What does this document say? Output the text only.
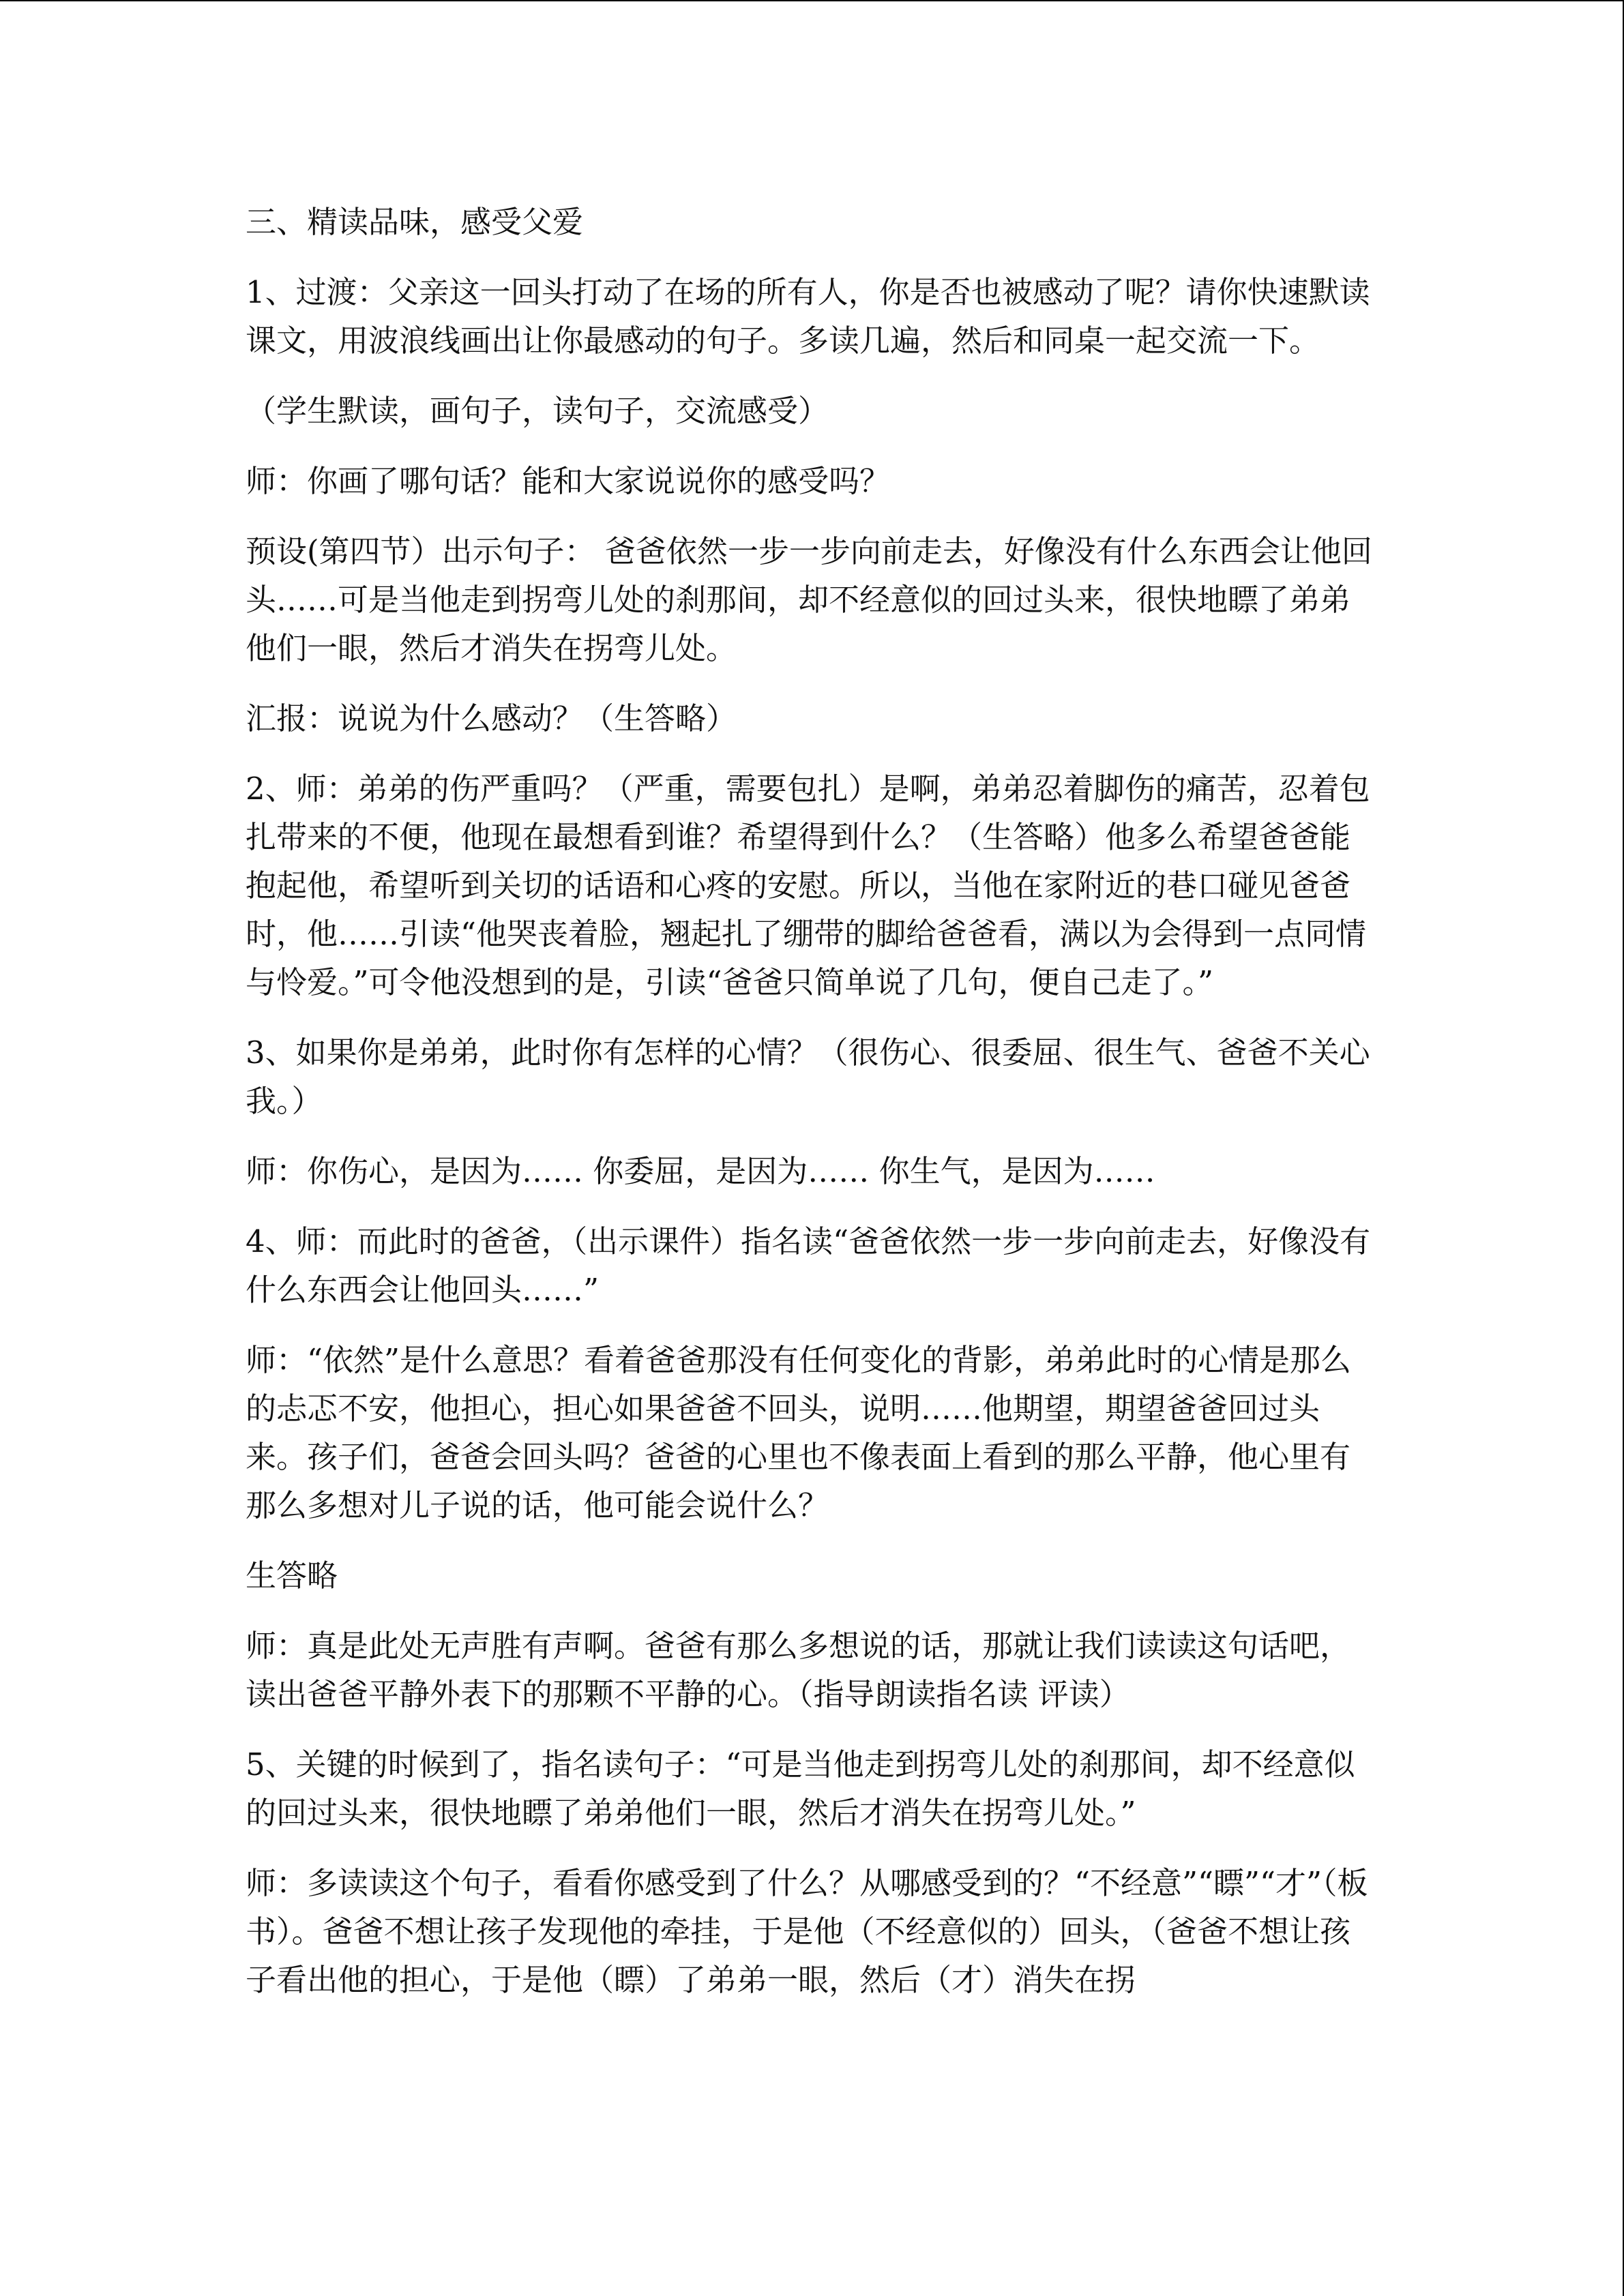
三、精读品味，感受父爱

1、过渡：父亲这一回头打动了在场的所有人，你是否也被感动了呢？请你快速默读课文，用波浪线画出让你最感动的句子。多读几遍，然后和同桌一起交流一下。

（学生默读，画句子，读句子，交流感受）

师：你画了哪句话？能和大家说说你的感受吗？

预设(第四节）出示句子： 爸爸依然一步一步向前走去，好像没有什么东西会让他回头……可是当他走到拐弯儿处的刹那间，却不经意似的回过头来，很快地瞟了弟弟他们一眼，然后才消失在拐弯儿处。

汇报：说说为什么感动？（生答略）

2、师：弟弟的伤严重吗？（严重，需要包扎）是啊，弟弟忍着脚伤的痛苦，忍着包扎带来的不便，他现在最想看到谁？希望得到什么？（生答略）他多么希望爸爸能抱起他，希望听到关切的话语和心疼的安慰。所以，当他在家附近的巷口碰见爸爸时，他……引读“他哭丧着脸，翘起扎了绷带的脚给爸爸看，满以为会得到一点同情与怜爱。”可令他没想到的是，引读“爸爸只简单说了几句，便自己走了。”

3、如果你是弟弟，此时你有怎样的心情？（很伤心、很委屈、很生气、爸爸不关心我。）

师：你伤心，是因为…… 你委屈，是因为…… 你生气，是因为……

4、师：而此时的爸爸，（出示课件）指名读“爸爸依然一步一步向前走去，好像没有什么东西会让他回头……”

师：“依然”是什么意思？看着爸爸那没有任何变化的背影，弟弟此时的心情是那么的忐忑不安，他担心，担心如果爸爸不回头，说明……他期望，期望爸爸回过头来。孩子们，爸爸会回头吗？爸爸的心里也不像表面上看到的那么平静，他心里有那么多想对儿子说的话，他可能会说什么？

生答略

师：真是此处无声胜有声啊。爸爸有那么多想说的话，那就让我们读读这句话吧，读出爸爸平静外表下的那颗不平静的心。（指导朗读指名读 评读）

5、关键的时候到了，指名读句子：“可是当他走到拐弯儿处的刹那间，却不经意似的回过头来，很快地瞟了弟弟他们一眼，然后才消失在拐弯儿处。”

师：多读读这个句子，看看你感受到了什么？从哪感受到的？“不经意”“瞟”“才”（板书）。爸爸不想让孩子发现他的牵挂，于是他（不经意似的）回头，（爸爸不想让孩子看出他的担心，于是他（瞟）了弟弟一眼，然后（才）消失在拐
